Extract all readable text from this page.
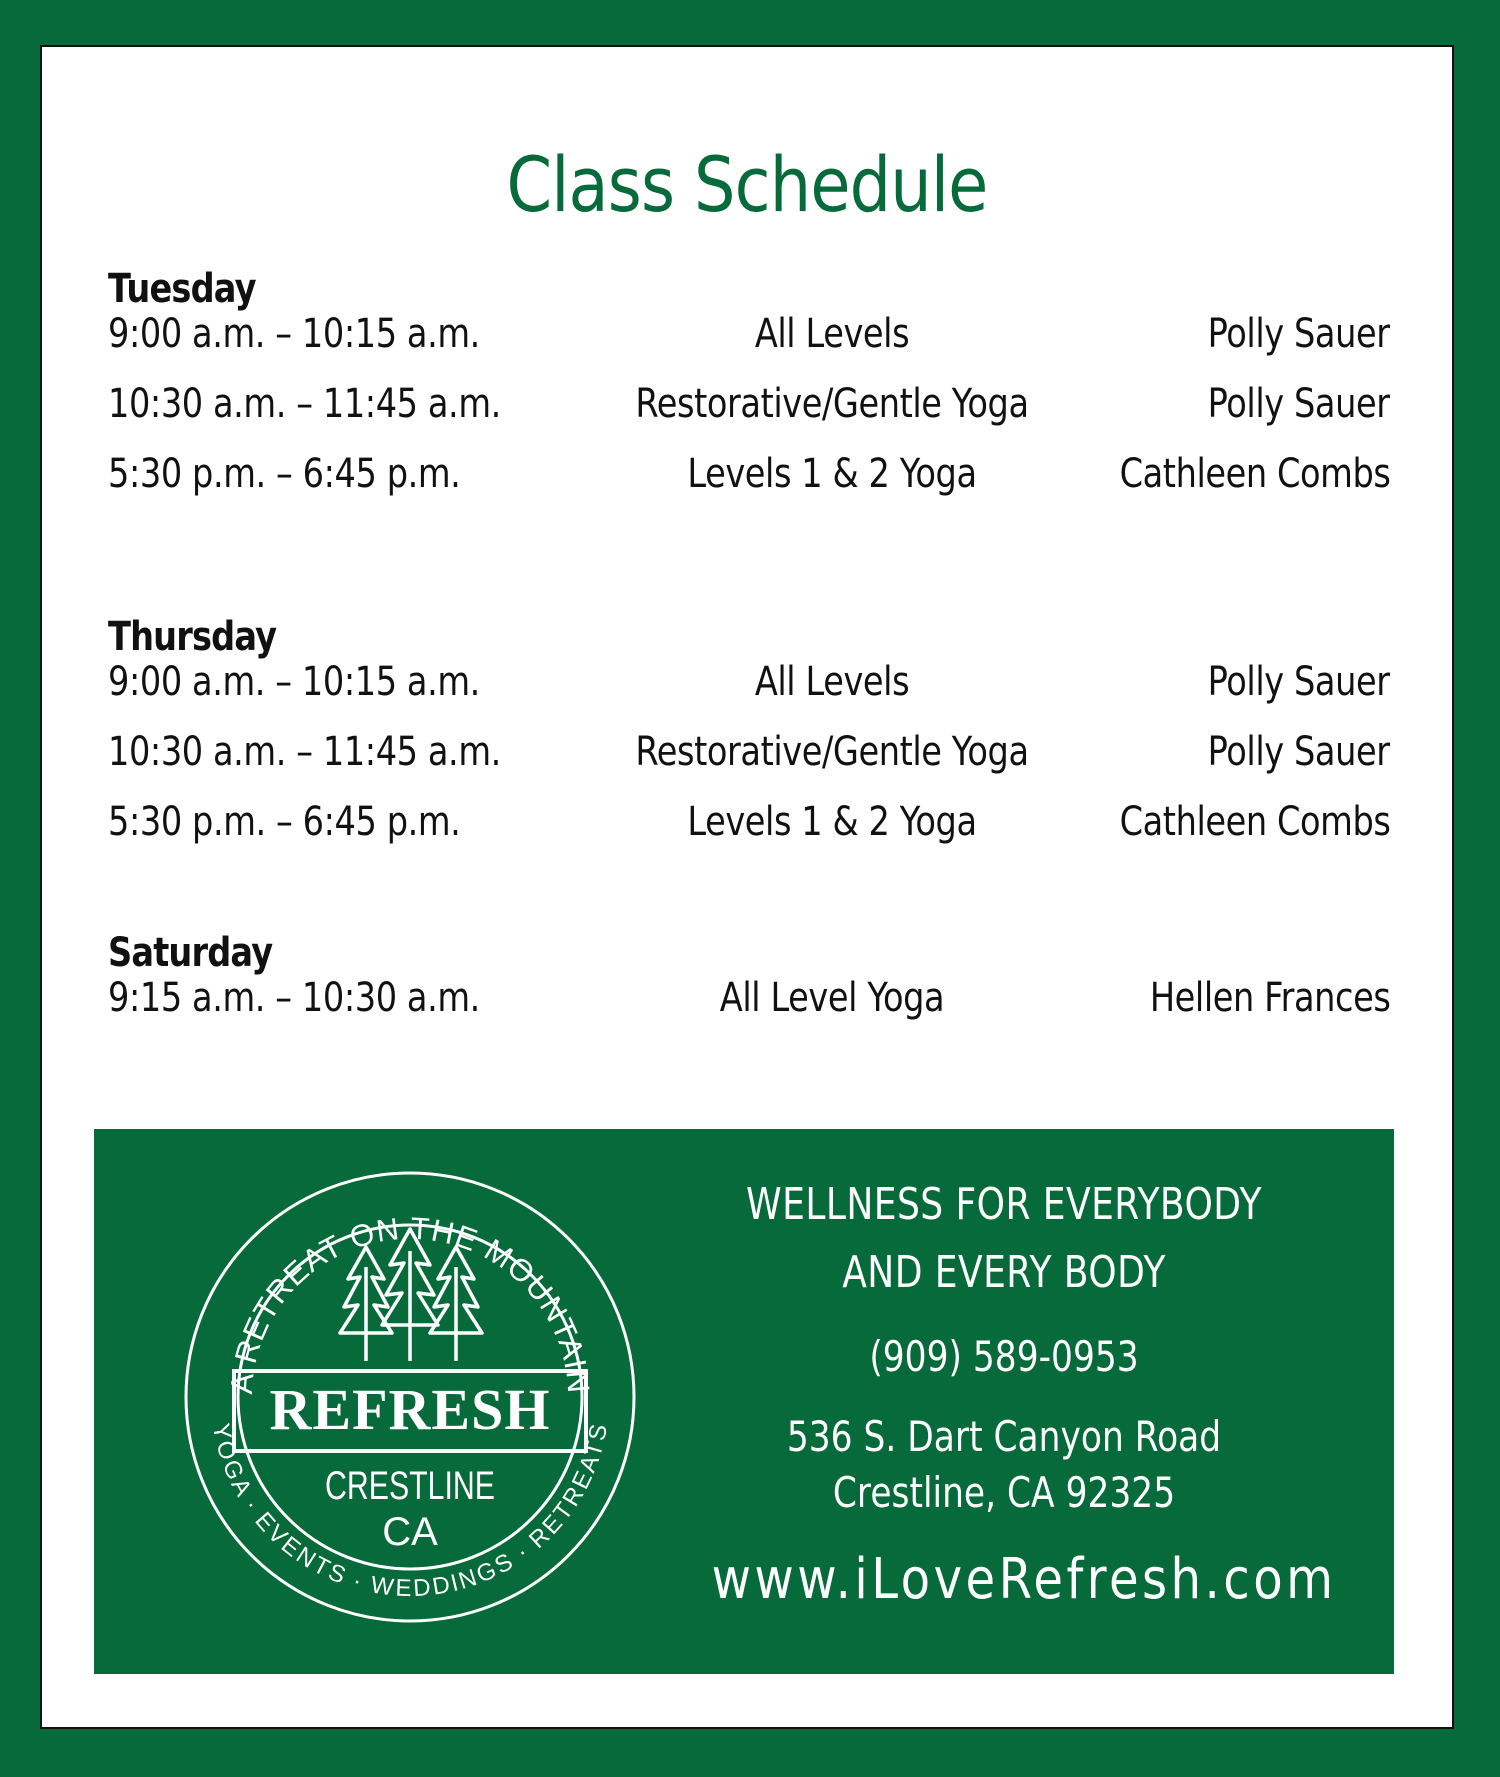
Class Schedule
Tuesday
9:00 a.m. – 10:15 a.m.	All Levels	Polly Sauer
10:30 a.m. – 11:45 a.m.	Restorative/Gentle Yoga	Polly Sauer
5:30 p.m. – 6:45 p.m.	Levels 1 & 2 Yoga	Cathleen Combs
Thursday
9:00 a.m. – 10:15 a.m.	All Levels	Polly Sauer
10:30 a.m. – 11:45 a.m.	Restorative/Gentle Yoga	Polly Sauer
5:30 p.m. – 6:45 p.m.	Levels 1 & 2 Yoga	Cathleen Combs
Saturday
9:15 a.m. – 10:30 a.m.	All Level Yoga	Hellen Frances
A RETREAT ON THE MOUNTAIN
YOGA · EVENTS · WEDDINGS · RETREATS
REFRESH
CRESTLINE
CA
WELLNESS FOR EVERYBODY
AND EVERY BODY
(909) 589-0953
536 S. Dart Canyon Road
Crestline, CA 92325
www.iLoveRefresh.com
